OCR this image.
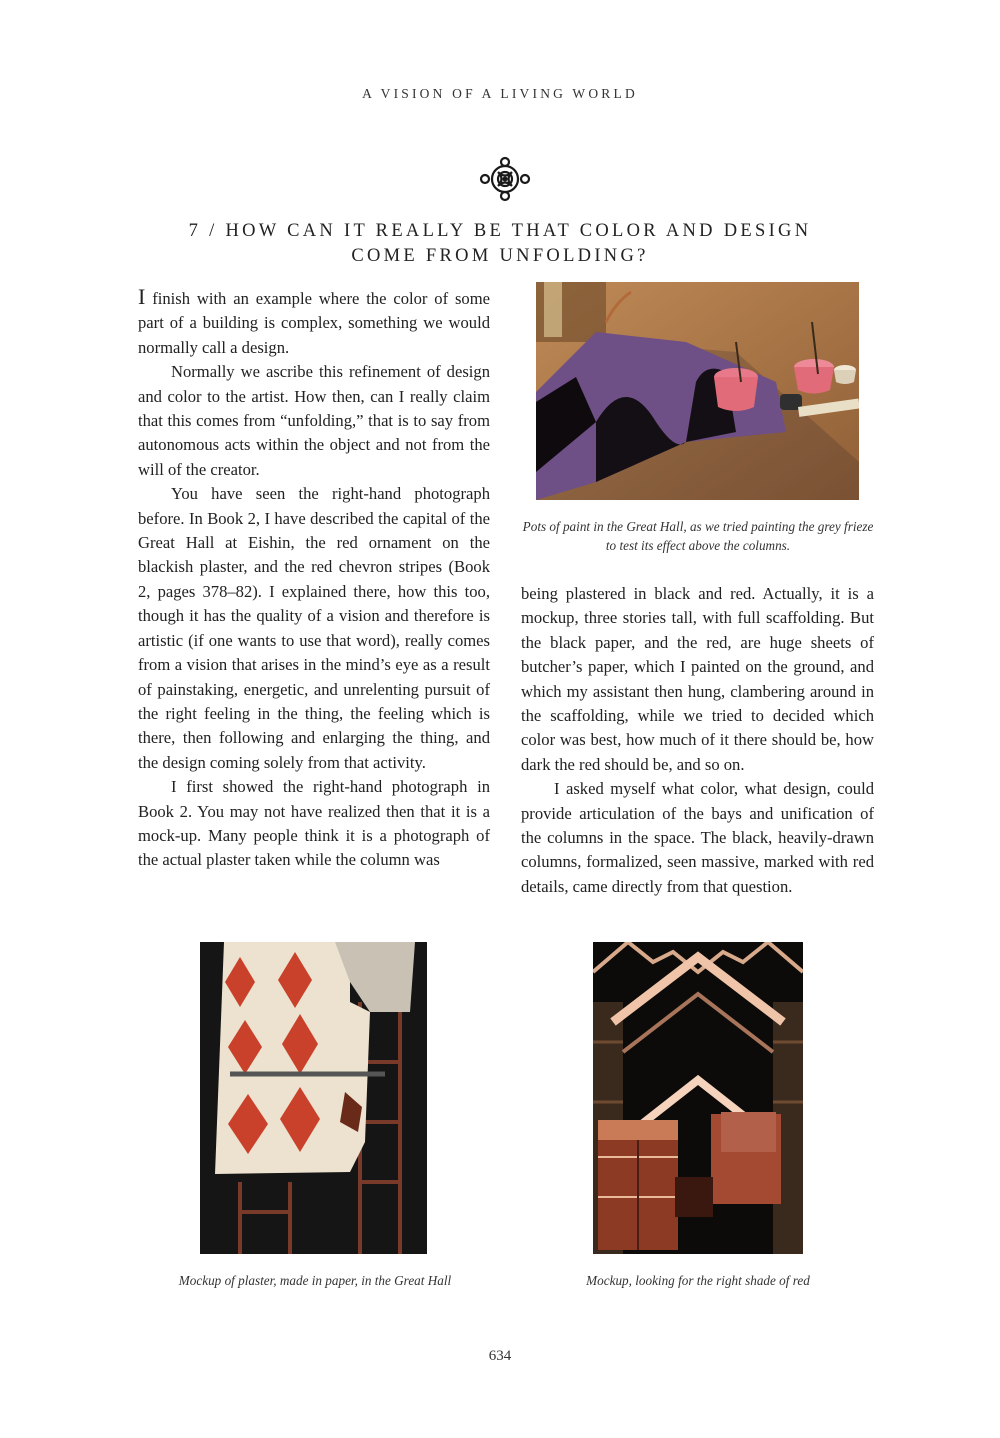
A VISION OF A LIVING WORLD
7 / HOW CAN IT REALLY BE THAT COLOR AND DESIGN
COME FROM UNFOLDING?

I finish with an example where the color of some part of a building is complex, something we would normally call a design.

Normally we ascribe this refinement of design and color to the artist. How then, can I really claim that this comes from “unfolding,” that is to say from autonomous acts within the object and not from the will of the creator.

You have seen the right-hand photograph before. In Book 2, I have described the capital of the Great Hall at Eishin, the red ornament on the blackish plaster, and the red chevron stripes (Book 2, pages 378–82). I explained there, how this too, though it has the quality of a vision and therefore is artistic (if one wants to use that word), really comes from a vision that arises in the mind’s eye as a result of painstaking, energetic, and unrelenting pursuit of the right feeling in the thing, the feeling which is there, then following and enlarging the thing, and the design coming solely from that activity.

I first showed the right-hand photograph in Book 2. You may not have realized then that it is a mock-up. Many people think it is a photograph of the actual plaster taken while the column was

Pots of paint in the Great Hall, as we tried painting the grey frieze to test its effect above the columns.

being plastered in black and red. Actually, it is a mockup, three stories tall, with full scaffolding. But the black paper, and the red, are huge sheets of butcher’s paper, which I painted on the ground, and which my assistant then hung, clambering around in the scaffolding, while we tried to decided which color was best, how much of it there should be, how dark the red should be, and so on.

I asked myself what color, what design, could provide articulation of the bays and unification of the columns in the space. The black, heavily-drawn columns, formalized, seen massive, marked with red details, came directly from that question.

Mockup of plaster, made in paper, in the Great Hall	Mockup, looking for the right shade of red
634
